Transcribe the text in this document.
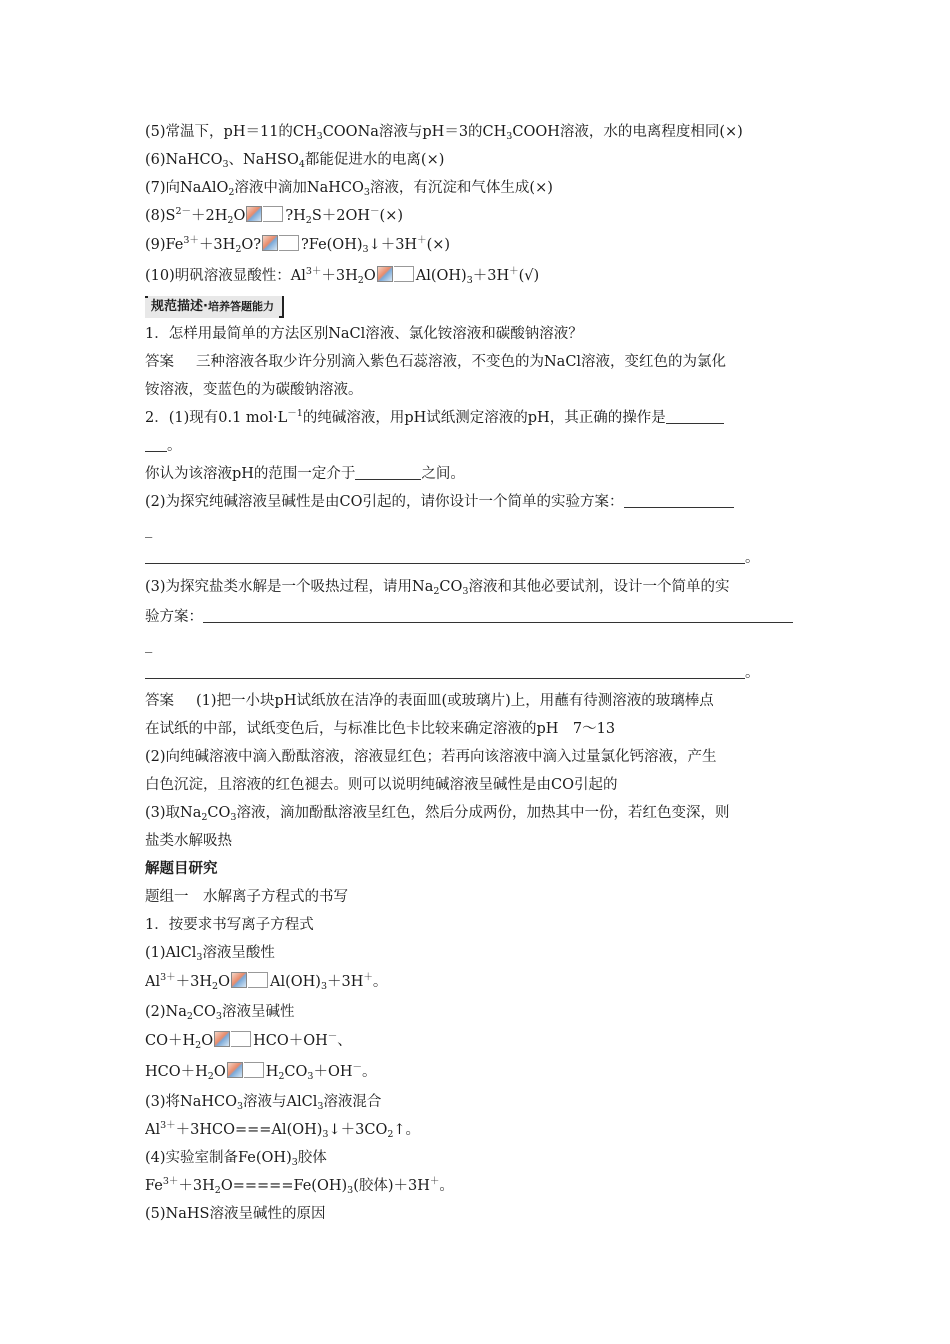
(5)常温下，pH＝11的$CH_3COONa$溶液与pH＝3的$CH_3COOH$溶液，水的电离程度相同(×)
(6)NaHCO$_3$、NaHSO$_4$都能促进水的电离(×)
(7)向NaAlO$_2$溶液中滴加NaHCO$_3$溶液，有沉淀和气体生成(×)
$(8)S^{2-}+2H_2O$	$?H_2S+2OH^-(\times)$
$(9)Fe^{3+}+3H_2O$?	$?Fe(OH)_3↓+3H^+(\times)$
(10)明矾溶液显酸性：$Al^{3+}+3H_2O$	$Al(OH)_3+3H^+(√)$
规范描述·培养答题能力
1．怎样用最简单的方法区别NaCl溶液、氯化铵溶液和碳酸钠溶液？
答案 三种溶液各取少许分别滴入紫色石蕊溶液，不变色的为NaCl溶液，变红色的为氯化
铵溶液，变蓝色的为碳酸钠溶液。
2．(1)现有0.1 $mol\cdot L^{-1}$的纯碱溶液，用pH试纸测定溶液的pH，其正确的操作是
。
你认为该溶液pH的范围一定介于	之间。
(2)为探究纯碱溶液呈碱性是由CO引起的，请你设计一个简单的实验方案：
_
。
(3)为探究盐类水解是一个吸热过程，请用$Na_2CO_3$溶液和其他必要试剂，设计一个简单的实
验方案：
_
。
答案 (1)把一小块pH试纸放在洁净的表面皿(或玻璃片)上，用蘸有待测溶液的玻璃棒点
在试纸的中部，试纸变色后，与标准比色卡比较来确定溶液的pH　7～13
(2)向纯碱溶液中滴入酚酞溶液，溶液显红色；若再向该溶液中滴入过量氯化钙溶液，产生
白色沉淀，且溶液的红色褪去。则可以说明纯碱溶液呈碱性是由CO引起的
(3)取$Na_2CO_3$溶液，滴加酚酞溶液呈红色，然后分成两份，加热其中一份，若红色变深，则
盐类水解吸热
解题目研究
题组一　水解离子方程式的书写
1．按要求书写离子方程式
(1)AlCl$_3$溶液呈酸性
$Al^{3+}+3H_2O$	$Al(OH)_3+3H^+$。
$(2)Na_2CO_3$溶液呈碱性
$CO+H_2O$	HCO＋OH－、
$HCO+H_2O$	$H_2CO_3+OH^-$。
(3)将NaHCO$_3$溶液与AlCl$_3$溶液混合
$Al^{3+}+3HCO===Al(OH)_3↓+3CO_2↑$。
(4)实验室制备$Fe(OH)_3$胶体
$Fe^{3+}+3H_2O=====Fe(OH)_3$(胶体)＋3H＋。
(5)NaHS溶液呈碱性的原因
